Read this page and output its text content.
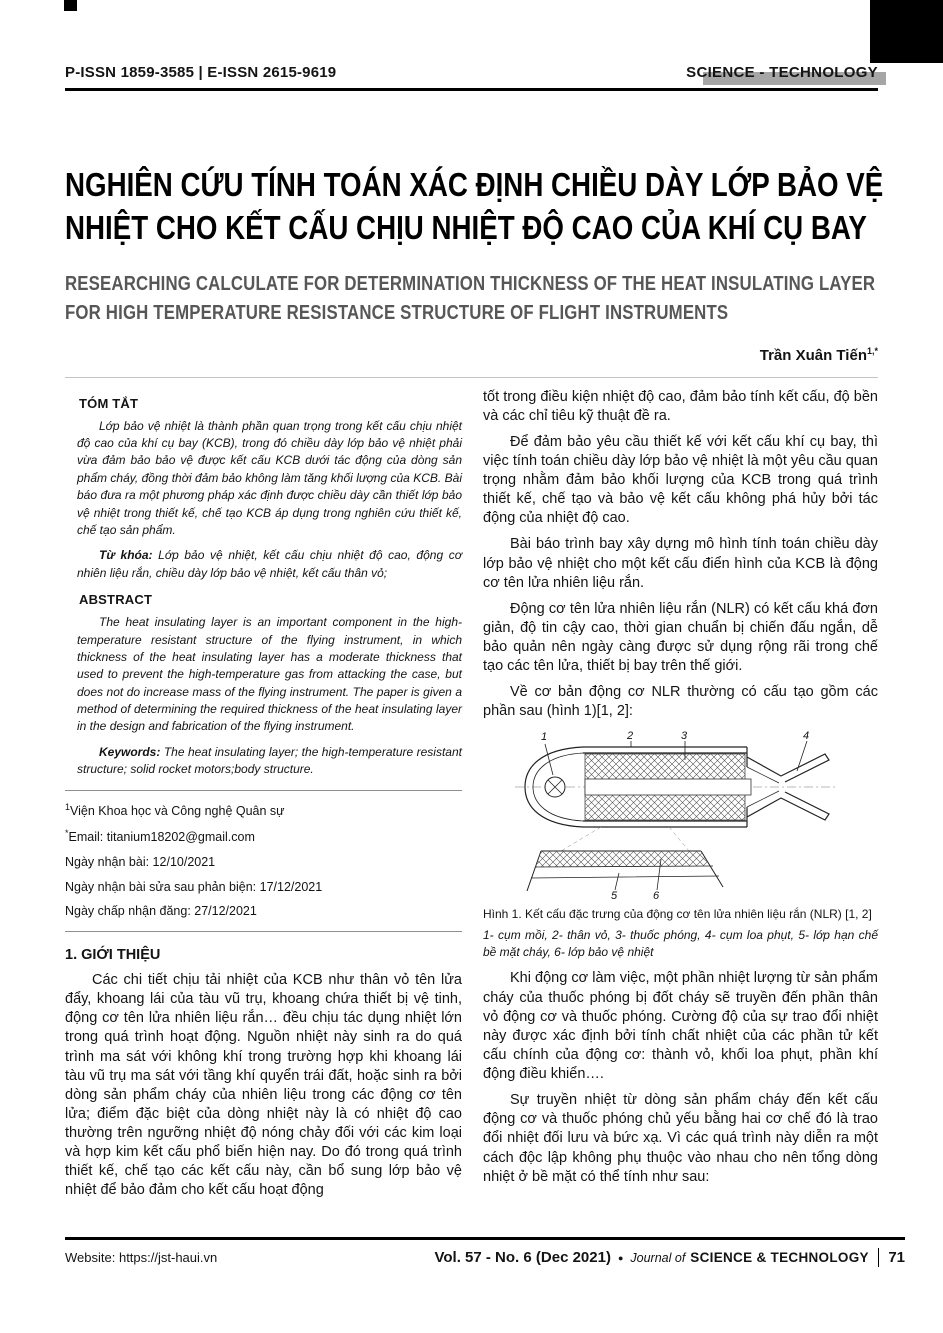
P-ISSN 1859-3585 | E-ISSN 2615-9619	SCIENCE - TECHNOLOGY
NGHIÊN CỨU TÍNH TOÁN XÁC ĐỊNH CHIỀU DÀY LỚP BẢO VỆ
NHIỆT CHO KẾT CẤU CHỊU NHIỆT ĐỘ CAO CỦA KHÍ CỤ BAY
RESEARCHING CALCULATE FOR DETERMINATION THICKNESS OF THE HEAT INSULATING LAYER
FOR HIGH TEMPERATURE RESISTANCE STRUCTURE OF FLIGHT INSTRUMENTS
Trần Xuân Tiến$^{1,*}$
TÓM TẮT

Lớp bảo vệ nhiệt là thành phần quan trọng trong kết cấu chịu nhiệt độ cao của khí cụ bay (KCB), trong đó chiều dày lớp bảo vệ nhiệt phải vừa đảm bảo bảo vệ được kết cấu KCB dưới tác động của dòng sản phẩm cháy, đồng thời đảm bảo không làm tăng khối lượng của KCB. Bài báo đưa ra một phương pháp xác định được chiều dày cần thiết lớp bảo vệ nhiệt trong thiết kế, chế tạo KCB áp dụng trong nghiên cứu thiết kế, chế tạo sản phẩm.

Từ khóa: Lớp bảo vệ nhiệt, kết cấu chịu nhiệt độ cao, động cơ nhiên liệu rắn, chiều dày lớp bảo vệ nhiệt, kết cấu thân vỏ;

ABSTRACT

The heat insulating layer is an important component in the high-temperature resistant structure of the flying instrument, in which thickness of the heat insulating layer has a moderate thickness that used to prevent the high-temperature gas from attacking the case, but does not do increase mass of the flying instrument. The paper is given a method of determining the required thickness of the heat insulating layer in the design and fabrication of the flying instrument.

Keywords: The heat insulating layer; the high-temperature resistant structure; solid rocket motors;body structure.

$^1$Viện Khoa học và Công nghệ Quân sự

*Email: titanium18202@gmail.com

Ngày nhận bài: 12/10/2021

Ngày nhận bài sửa sau phản biện: 17/12/2021

Ngày chấp nhận đăng: 27/12/2021

1. GIỚI THIỆU

Các chi tiết chịu tải nhiệt của KCB như thân vỏ tên lửa đẩy, khoang lái của tàu vũ trụ, khoang chứa thiết bị vệ tinh, động cơ tên lửa nhiên liệu rắn… đều chịu tác dụng nhiệt lớn trong quá trình hoạt động. Nguồn nhiệt này sinh ra do quá trình ma sát với không khí trong trường hợp khi khoang lái tàu vũ trụ ma sát với tầng khí quyển trái đất, hoặc sinh ra bởi dòng sản phẩm cháy của nhiên liệu trong các động cơ tên lửa; điểm đặc biệt của dòng nhiệt này là có nhiệt độ cao thường trên ngưỡng nhiệt độ nóng chảy đối với các kim loại và hợp kim kết cấu phổ biến hiện nay. Do đó trong quá trình thiết kế, chế tạo các kết cấu này, cần bổ sung lớp bảo vệ nhiệt để bảo đảm cho kết cấu hoạt động

tốt trong điều kiện nhiệt độ cao, đảm bảo tính kết cấu, độ bền và các chỉ tiêu kỹ thuật đề ra.

Để đảm bảo yêu cầu thiết kế với kết cấu khí cụ bay, thì việc tính toán chiều dày lớp bảo vệ nhiệt là một yêu cầu quan trọng nhằm đảm bảo khối lượng của KCB trong quá trình thiết kế, chế tạo và bảo vệ kết cấu không phá hủy bởi tác động của nhiệt độ cao.

Bài báo trình bay xây dựng mô hình tính toán chiều dày lớp bảo vệ nhiệt cho một kết cấu điển hình của KCB là động cơ tên lửa nhiên liệu rắn.

Động cơ tên lửa nhiên liệu rắn (NLR) có kết cấu khá đơn giản, độ tin cậy cao, thời gian chuẩn bị chiến đấu ngắn, dễ bảo quản nên ngày càng được sử dụng rộng rãi trong chế tạo các tên lửa, thiết bị bay trên thế giới.

Về cơ bản động cơ NLR thường có cấu tạo gồm các phần sau (hình 1)[1, 2]:

1	2	3	4
5	6

Hình 1. Kết cấu đặc trưng của động cơ tên lửa nhiên liệu rắn (NLR) [1, 2]

1- cụm mồi, 2- thân vỏ, 3- thuốc phóng, 4- cụm loa phụt, 5- lớp hạn chế bề mặt cháy, 6- lớp bảo vệ nhiệt

Khi động cơ làm việc, một phần nhiệt lượng từ sản phẩm cháy của thuốc phóng bị đốt cháy sẽ truyền đến phần thân vỏ động cơ và thuốc phóng. Cường độ của sự trao đổi nhiệt này được xác định bởi tính chất nhiệt của các phần tử kết cấu chính của động cơ: thành vỏ, khối loa phụt, phần khí động điều khiển….

Sự truyền nhiệt từ dòng sản phẩm cháy đến kết cấu động cơ và thuốc phóng chủ yếu bằng hai cơ chế đó là trao đổi nhiệt đối lưu và bức xạ. Vì các quá trình này diễn ra một cách độc lập không phụ thuộc vào nhau cho nên tổng dòng nhiệt ở bề mặt có thể tính như sau:

Website: https://jst-haui.vn	Vol. 57 - No. 6 (Dec 2021) ● Journal of SCIENCE & TECHNOLOGY 71
